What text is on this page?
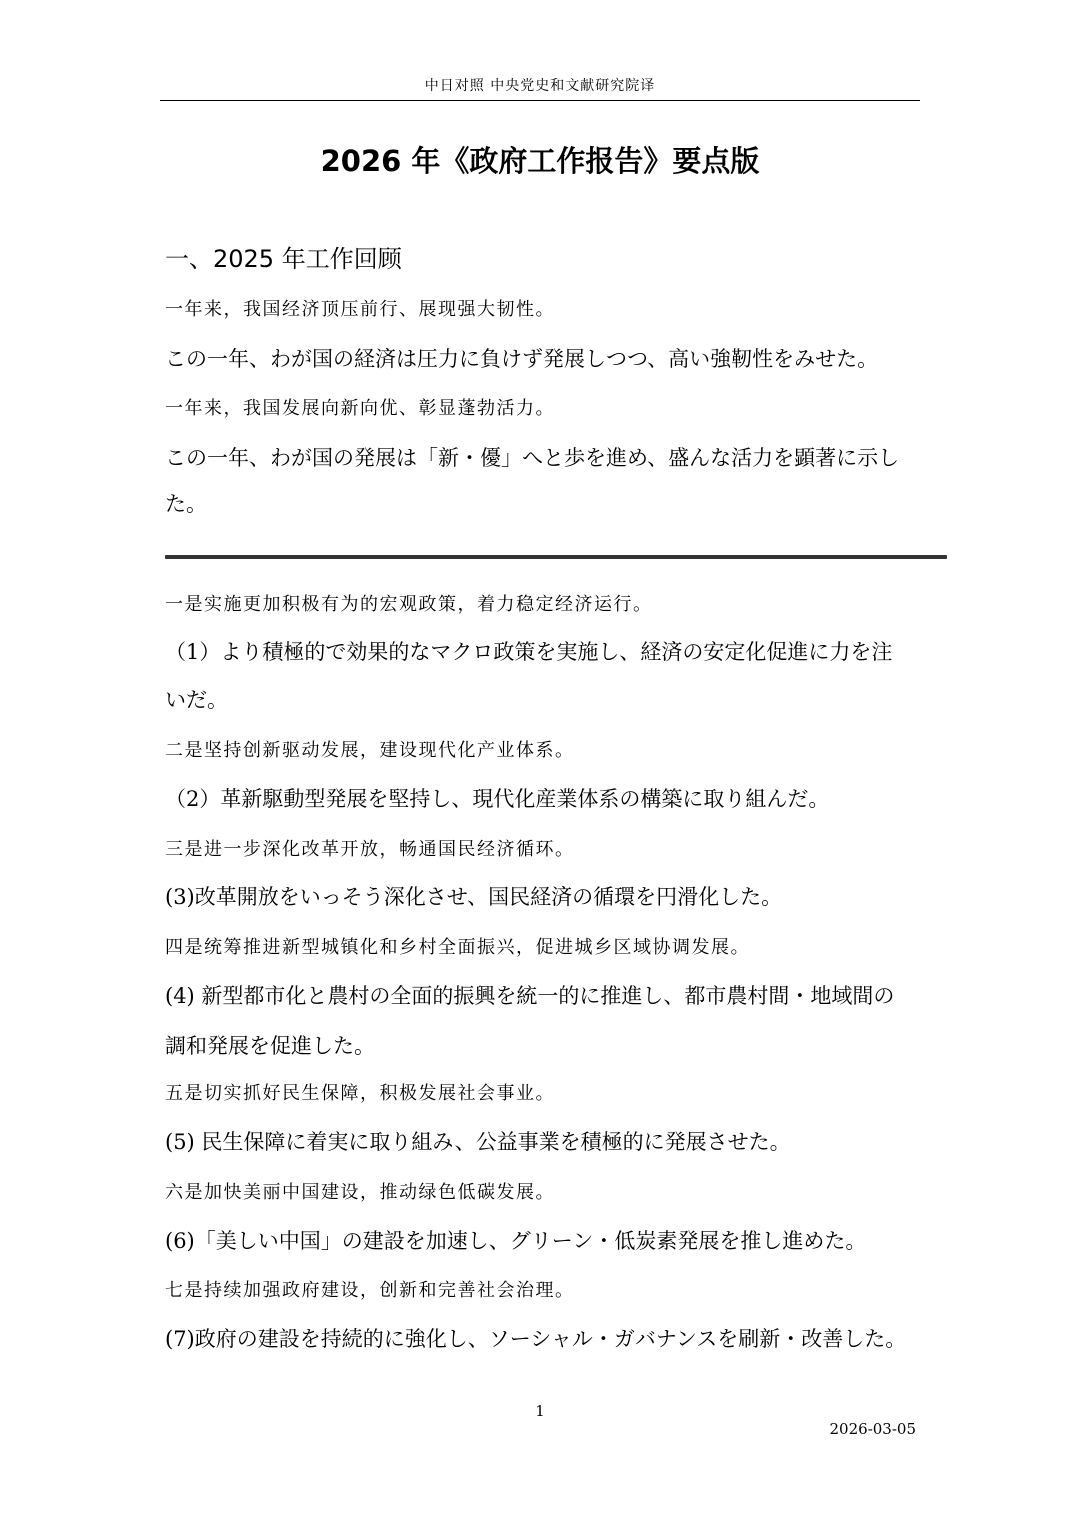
中日对照 中央党史和文献研究院译
2026 年《政府工作报告》要点版
一、2025 年工作回顾
一年来，我国经济顶压前行、展现强大韧性。
この一年、わが国の経済は圧力に負けず発展しつつ、高い強靭性をみせた。
一年来，我国发展向新向优、彰显蓬勃活力。
この一年、わが国の発展は「新・優」へと歩を進め、盛んな活力を顕著に示し
た。
一是实施更加积极有为的宏观政策，着力稳定经济运行。
（1）より積極的で効果的なマクロ政策を実施し、経済の安定化促進に力を注
いだ。
二是坚持创新驱动发展，建设现代化产业体系。
（2）革新駆動型発展を堅持し、現代化産業体系の構築に取り組んだ。
三是进一步深化改革开放，畅通国民经济循环。
(3)改革開放をいっそう深化させ、国民経済の循環を円滑化した。
四是统筹推进新型城镇化和乡村全面振兴，促进城乡区域协调发展。
(4) 新型都市化と農村の全面的振興を統一的に推進し、都市農村間・地域間の
調和発展を促進した。
五是切实抓好民生保障，积极发展社会事业。
(5) 民生保障に着実に取り組み、公益事業を積極的に発展させた。
六是加快美丽中国建设，推动绿色低碳发展。
(6)「美しい中国」の建設を加速し、グリーン・低炭素発展を推し進めた。
七是持续加强政府建设，创新和完善社会治理。
(7)政府の建設を持続的に強化し、ソーシャル・ガバナンスを刷新・改善した。
1
2026-03-05
